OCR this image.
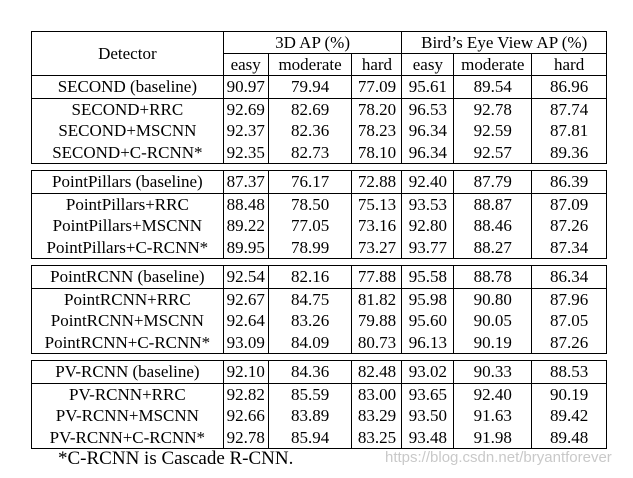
Detector	3D AP (%)			Bird’s Eye View AP (%)		
	easy	moderate	hard	easy	moderate	hard
SECOND (baseline)	90.97	79.94	77.09	95.61	89.54	86.96
SECOND+RRC	92.69	82.69	78.20	96.53	92.78	87.74
SECOND+MSCNN	92.37	82.36	78.23	96.34	92.59	87.81
SECOND+C-RCNN*	92.35	82.73	78.10	96.34	92.57	89.36

PointPillars (baseline)	87.37	76.17	72.88	92.40	87.79	86.39
PointPillars+RRC	88.48	78.50	75.13	93.53	88.87	87.09
PointPillars+MSCNN	89.22	77.05	73.16	92.80	88.46	87.26
PointPillars+C-RCNN*	89.95	78.99	73.27	93.77	88.27	87.34

PointRCNN (baseline)	92.54	82.16	77.88	95.58	88.78	86.34
PointRCNN+RRC	92.67	84.75	81.82	95.98	90.80	87.96
PointRCNN+MSCNN	92.64	83.26	79.88	95.60	90.05	87.05
PointRCNN+C-RCNN*	93.09	84.09	80.73	96.13	90.19	87.26

PV-RCNN (baseline)	92.10	84.36	82.48	93.02	90.33	88.53
PV-RCNN+RRC	92.82	85.59	83.00	93.65	92.40	90.19
PV-RCNN+MSCNN	92.66	83.89	83.29	93.50	91.63	89.42
PV-RCNN+C-RCNN*	92.78	85.94	83.25	93.48	91.98	89.48
*C-RCNN is Cascade R-CNN.	https://blog.csdn.net/bryantforever
